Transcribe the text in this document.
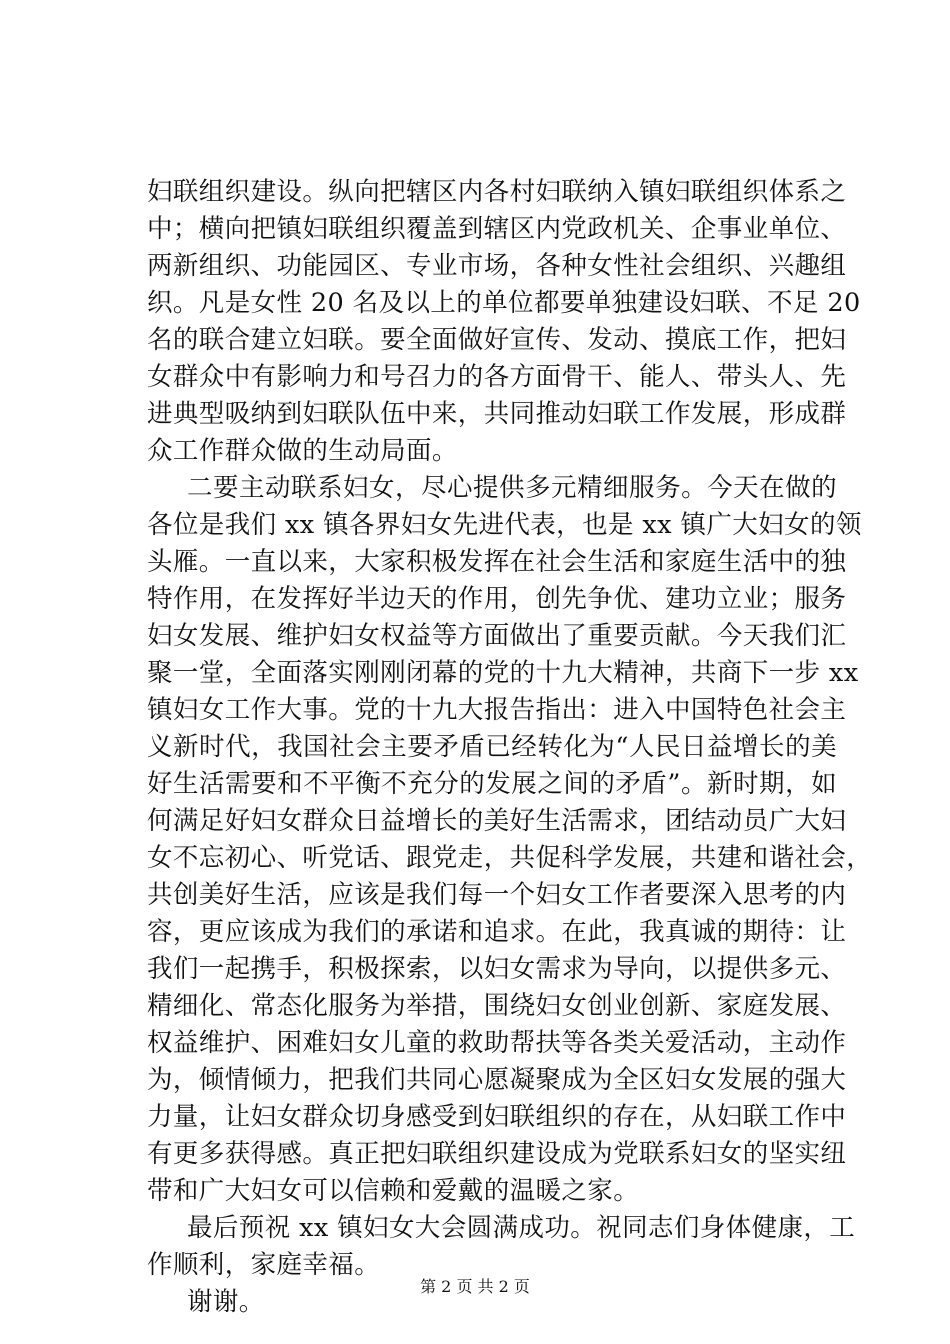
妇联组织建设。纵向把辖区内各村妇联纳入镇妇联组织体系之
中；横向把镇妇联组织覆盖到辖区内党政机关、企事业单位、
两新组织、功能园区、专业市场，各种女性社会组织、兴趣组
织。凡是女性 20 名及以上的单位都要单独建设妇联、不足 20
名的联合建立妇联。要全面做好宣传、发动、摸底工作，把妇
女群众中有影响力和号召力的各方面骨干、能人、带头人、先
进典型吸纳到妇联队伍中来，共同推动妇联工作发展，形成群
众工作群众做的生动局面。
二要主动联系妇女，尽心提供多元精细服务。今天在做的
各位是我们 xx 镇各界妇女先进代表，也是 xx 镇广大妇女的领
头雁。一直以来，大家积极发挥在社会生活和家庭生活中的独
特作用，在发挥好半边天的作用，创先争优、建功立业；服务
妇女发展、维护妇女权益等方面做出了重要贡献。今天我们汇
聚一堂，全面落实刚刚闭幕的党的十九大精神，共商下一步 xx
镇妇女工作大事。党的十九大报告指出：进入中国特色社会主
义新时代，我国社会主要矛盾已经转化为“人民日益增长的美
好生活需要和不平衡不充分的发展之间的矛盾”。新时期，如
何满足好妇女群众日益增长的美好生活需求，团结动员广大妇
女不忘初心、听党话、跟党走，共促科学发展，共建和谐社会，
共创美好生活，应该是我们每一个妇女工作者要深入思考的内
容，更应该成为我们的承诺和追求。在此，我真诚的期待：让
我们一起携手，积极探索，以妇女需求为导向，以提供多元、
精细化、常态化服务为举措，围绕妇女创业创新、家庭发展、
权益维护、困难妇女儿童的救助帮扶等各类关爱活动，主动作
为，倾情倾力，把我们共同心愿凝聚成为全区妇女发展的强大
力量，让妇女群众切身感受到妇联组织的存在，从妇联工作中
有更多获得感。真正把妇联组织建设成为党联系妇女的坚实纽
带和广大妇女可以信赖和爱戴的温暖之家。
最后预祝 xx 镇妇女大会圆满成功。祝同志们身体健康，工
作顺利，家庭幸福。
谢谢。
第 2 页 共 2 页
